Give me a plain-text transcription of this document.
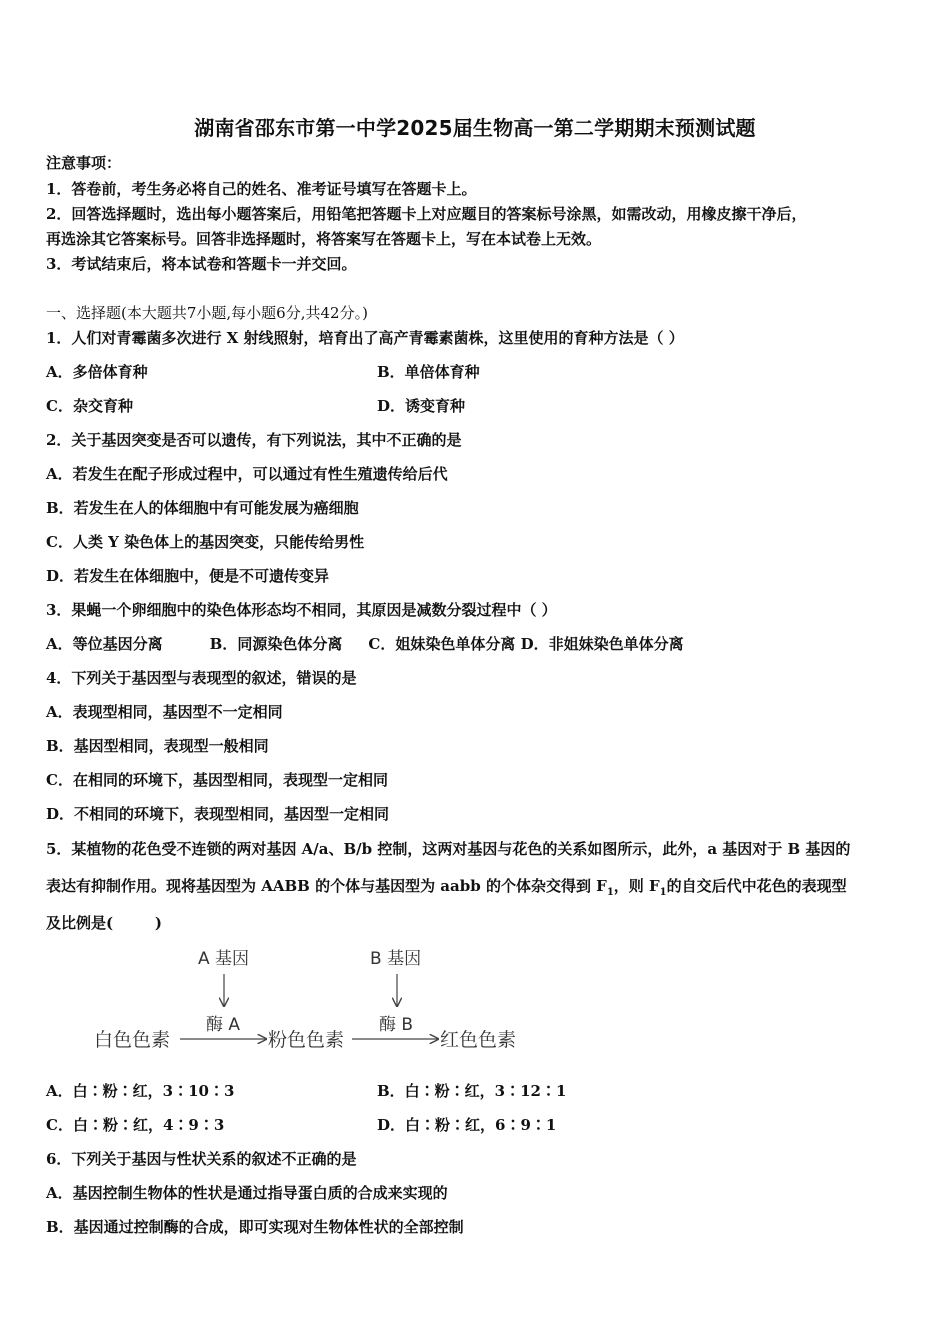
湖南省邵东市第一中学2025届生物高一第二学期期末预测试题
注意事项：
1．答卷前，考生务必将自己的姓名、准考证号填写在答题卡上。
2．回答选择题时，选出每小题答案后，用铅笔把答题卡上对应题目的答案标号涂黑，如需改动，用橡皮擦干净后，
再选涂其它答案标号。回答非选择题时，将答案写在答题卡上，写在本试卷上无效。
3．考试结束后，将本试卷和答题卡一并交回。
一、选择题(本大题共7小题,每小题6分,共42分。)
1．人们对青霉菌多次进行 X 射线照射，培育出了高产青霉素菌株，这里使用的育种方法是（ ）
A．多倍体育种	B．单倍体育种
C．杂交育种	D．诱变育种
2．关于基因突变是否可以遗传，有下列说法，其中不正确的是
A．若发生在配子形成过程中，可以通过有性生殖遗传给后代
B．若发生在人的体细胞中有可能发展为癌细胞
C．人类 Y 染色体上的基因突变，只能传给男性
D．若发生在体细胞中，便是不可遗传变异
3．果蝇一个卵细胞中的染色体形态均不相同，其原因是减数分裂过程中（ ）
A．等位基因分离         B．同源染色体分离     C．姐妹染色单体分离 D．非姐妹染色单体分离
4．下列关于基因型与表现型的叙述，错误的是
A．表现型相同，基因型不一定相同
B．基因型相同，表现型一般相同
C．在相同的环境下，基因型相同，表现型一定相同
D．不相同的环境下，表现型相同，基因型一定相同
5．某植物的花色受不连锁的两对基因 A/a、B/b 控制，这两对基因与花色的关系如图所示，此外，a 基因对于 B 基因的
表达有抑制作用。现将基因型为 AABB 的个体与基因型为 aabb 的个体杂交得到 $F_1$，则 $F_1$的自交后代中花色的表现型
及比例是(        )
A 基因	B 基因
酶 A	酶 B
白色色素	粉色色素	红色色素
A．白∶粉∶红，3∶10∶3	B．白∶粉∶红，3∶12∶1
C．白∶粉∶红，4∶9∶3	D．白∶粉∶红，6∶9∶1
6．下列关于基因与性状关系的叙述不正确的是
A．基因控制生物体的性状是通过指导蛋白质的合成来实现的
B．基因通过控制酶的合成，即可实现对生物体性状的全部控制
